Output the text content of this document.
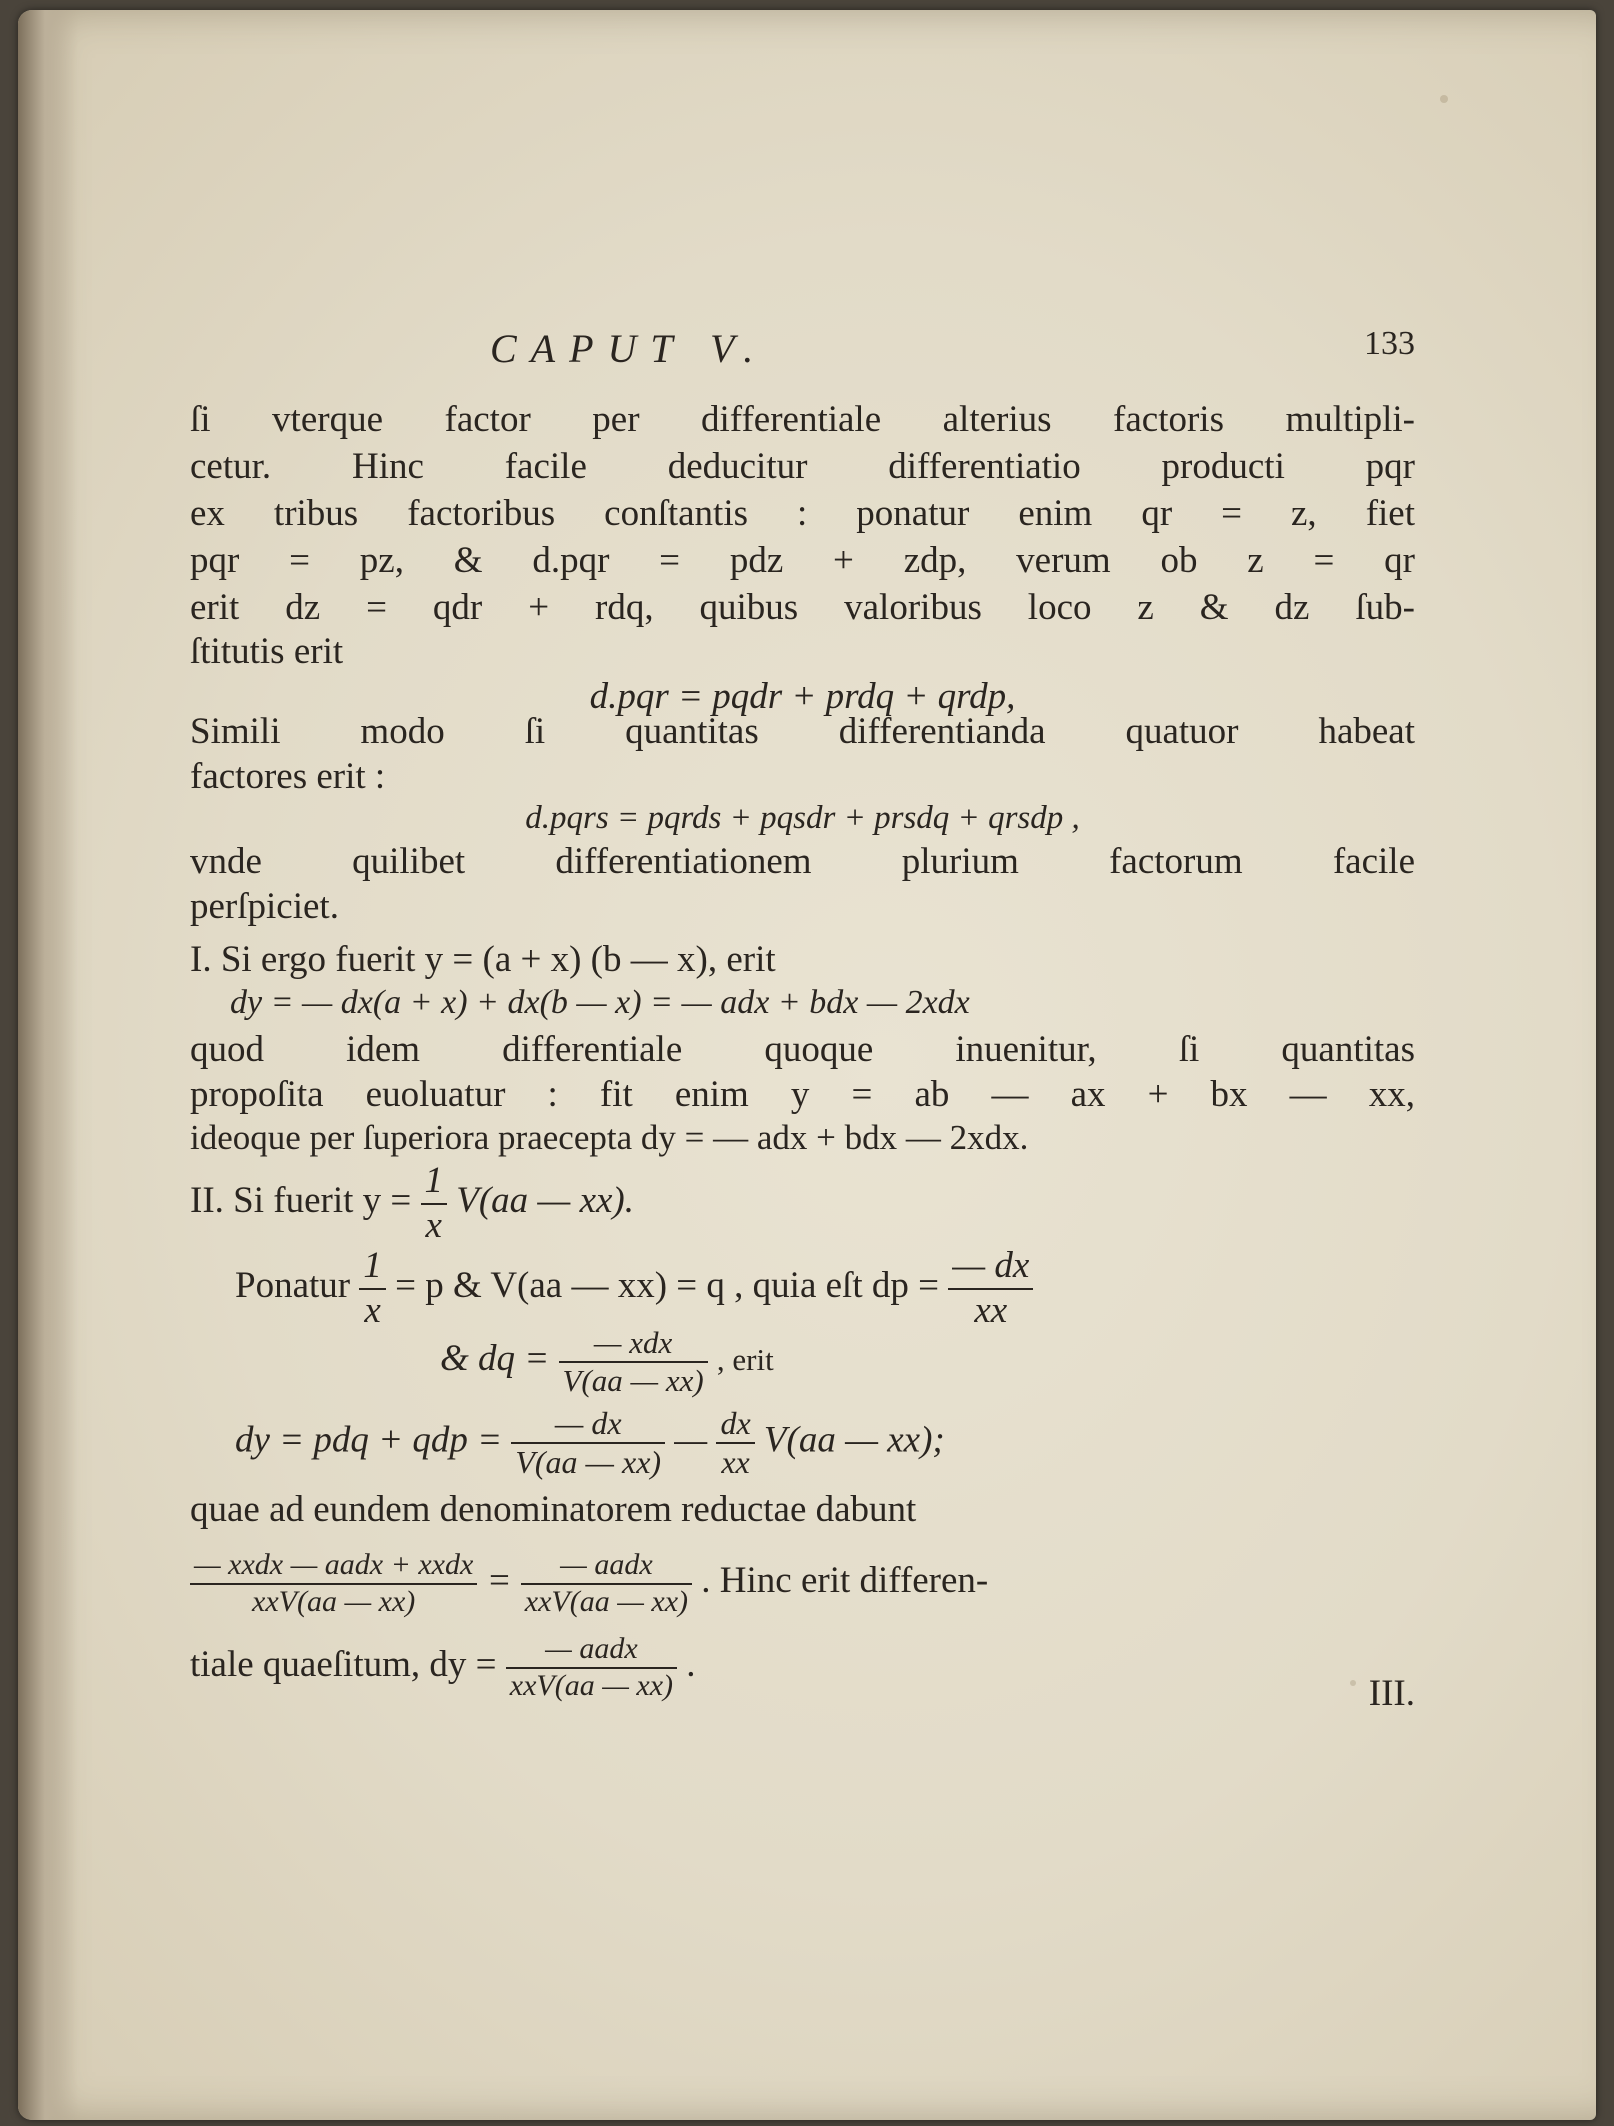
CAPUT V.	133
ſi vterque factor per differentiale alterius factoris multipli-
cetur. Hinc facile deducitur differentiatio producti pqr
ex tribus factoribus conſtantis : ponatur enim qr = z, fiet
pqr = pz, & d.pqr = pdz + zdp, verum ob z = qr
erit dz = qdr + rdq, quibus valoribus loco z & dz ſub-
ſtitutis erit
d.pqr = pqdr + prdq + qrdp,
Simili modo ſi quantitas differentianda quatuor habeat
factores erit :
d.pqrs = pqrds + pqsdr + prsdq + qrsdp ,
vnde quilibet differentiationem plurium factorum facile
perſpiciet.
I. Si ergo fuerit y = (a + x) (b — x), erit
dy = — dx(a + x) + dx(b — x) = — adx + bdx — 2xdx
quod idem differentiale quoque inuenitur, ſi quantitas
propoſita euoluatur : fit enim y = ab — ax + bx — xx,
ideoque per ſuperiora praecepta dy = — adx + bdx — 2xdx.
II. Si fuerit $y = \frac{1}{x} V(aa$ — xx).
Ponatur $\frac{1}{x} = p$ & V(aa — xx) = q , quia eſt dp = $\frac{— dx}{xx}$
& dq = $\frac{\text{— xdx}}{V(aa — xx)}$ , erit
dy = pdq + qdp = $\frac{— dx}{V(aa — xx)}$ — $\frac{dx}{xx} V(aa$ — xx);
quae ad eundem denominatorem reductae dabunt
$\frac{\text{— xxdx — aadx + xxdx}}{\text{xxV(aa — xx)}} = \frac{\text{— aadx}}{\text{xxV(aa — xx)}}$ . Hinc erit differen-
tiale quaeſitum, dy = $\frac{\text{— aadx}}{\text{xxV(aa — xx)}}$ .
III.
